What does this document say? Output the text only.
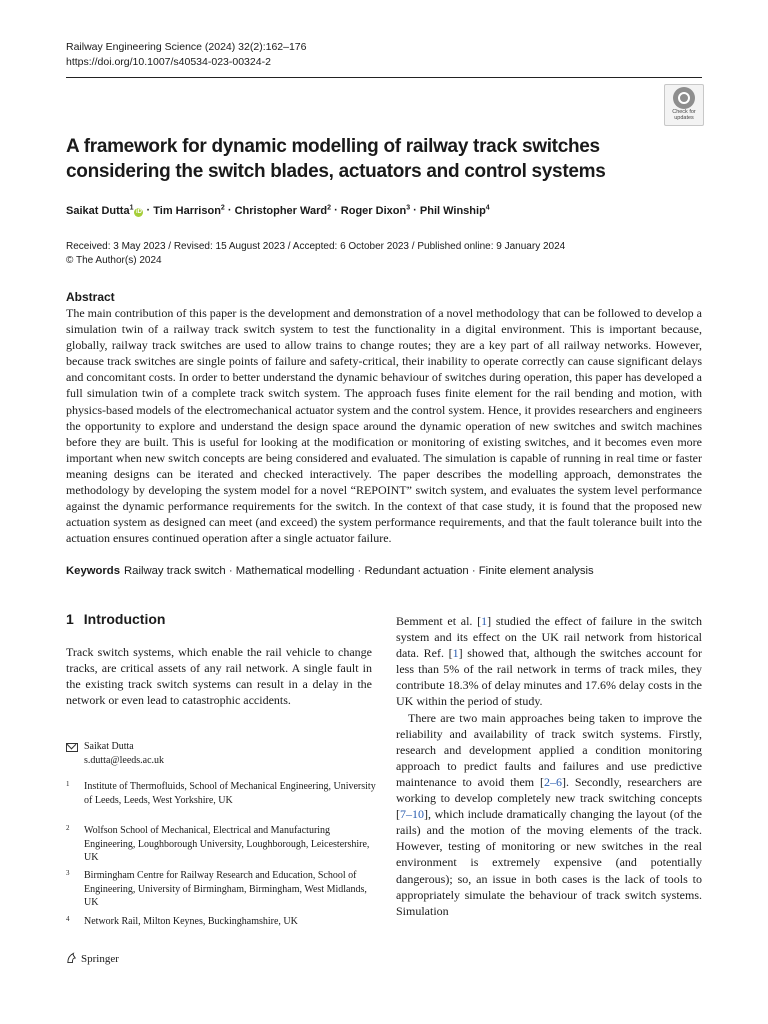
Railway Engineering Science (2024) 32(2):162–176
https://doi.org/10.1007/s40534-023-00324-2
Check for
updates
A framework for dynamic modelling of railway track switches considering the switch blades, actuators and control systems
Saikat Dutta$^1$iD · Tim Harrison$^2$ · Christopher Ward$^2$ · Roger Dixon$^3$ · Phil Winship$^4$
Received: 3 May 2023 / Revised: 15 August 2023 / Accepted: 6 October 2023 / Published online: 9 January 2024
© The Author(s) 2024
Abstract
The main contribution of this paper is the development and demonstration of a novel methodology that can be followed to develop a simulation twin of a railway track switch system to test the functionality in a digital environment. This is important because, globally, railway track switches are used to allow trains to change routes; they are a key part of all railway networks. However, because track switches are single points of failure and safety-critical, their inability to operate correctly can cause significant delays and concomitant costs. In order to better understand the dynamic behaviour of switches during operation, this paper has developed a full simulation twin of a complete track switch system. The approach fuses finite element for the rail bending and motion, with physics-based models of the electromechanical actuator system and the control system. Hence, it provides researchers and engineers the opportunity to explore and understand the design space around the dynamic operation of new switches and switch machines before they are built. This is useful for looking at the modification or monitoring of existing switches, and it becomes even more important when new switch concepts are being considered and evaluated. The simulation is capable of running in real time or faster meaning designs can be iterated and checked interactively. The paper describes the modelling approach, demonstrates the methodology by developing the system model for a novel “REPOINT” switch system, and evaluates the system level performance against the dynamic performance requirements for the switch. In the context of that case study, it is found that the proposed new actuation system as designed can meet (and exceed) the system performance requirements, and that the fault tolerance built into the actuation ensures continued operation after a single actuator failure.
Keywords Railway track switch · Mathematical modelling · Redundant actuation · Finite element analysis
1 Introduction

Track switch systems, which enable the rail vehicle to change tracks, are critical assets of any rail network. A single fault in the existing track switch systems can result in a delay in the network or even lead to catastrophic accidents.

Bemment et al. [1] studied the effect of failure in the switch system and its effect on the UK rail network from historical data. Ref. [1] showed that, although the switches account for less than 5% of the rail network in terms of track miles, they contribute 18.3% of delay minutes and 17.6% delay costs in the UK within the period of study.

There are two main approaches being taken to improve the reliability and availability of track switch systems. Firstly, research and development applied a condition monitoring approach to predict faults and failures and use predictive maintenance to avoid them [2–6]. Secondly, researchers are working to develop completely new track switching concepts [7–10], which include dramatically changing the layout (of the rails) and the motion of the moving elements of the track. However, testing of monitoring or new switches in the real environment is extremely expensive (and potentially dangerous); so, an issue in both cases is the lack of tools to appropriately simulate the behaviour of track switch systems. Simulation

Saikat Dutta
s.dutta@leeds.ac.uk
1 Institute of Thermofluids, School of Mechanical Engineering, University of Leeds, Leeds, West Yorkshire, UK
2 Wolfson School of Mechanical, Electrical and Manufacturing Engineering, Loughborough University, Loughborough, Leicestershire, UK
3 Birmingham Centre for Railway Research and Education, School of Engineering, University of Birmingham, Birmingham, West Midlands, UK
4 Network Rail, Milton Keynes, Buckinghamshire, UK
Springer
